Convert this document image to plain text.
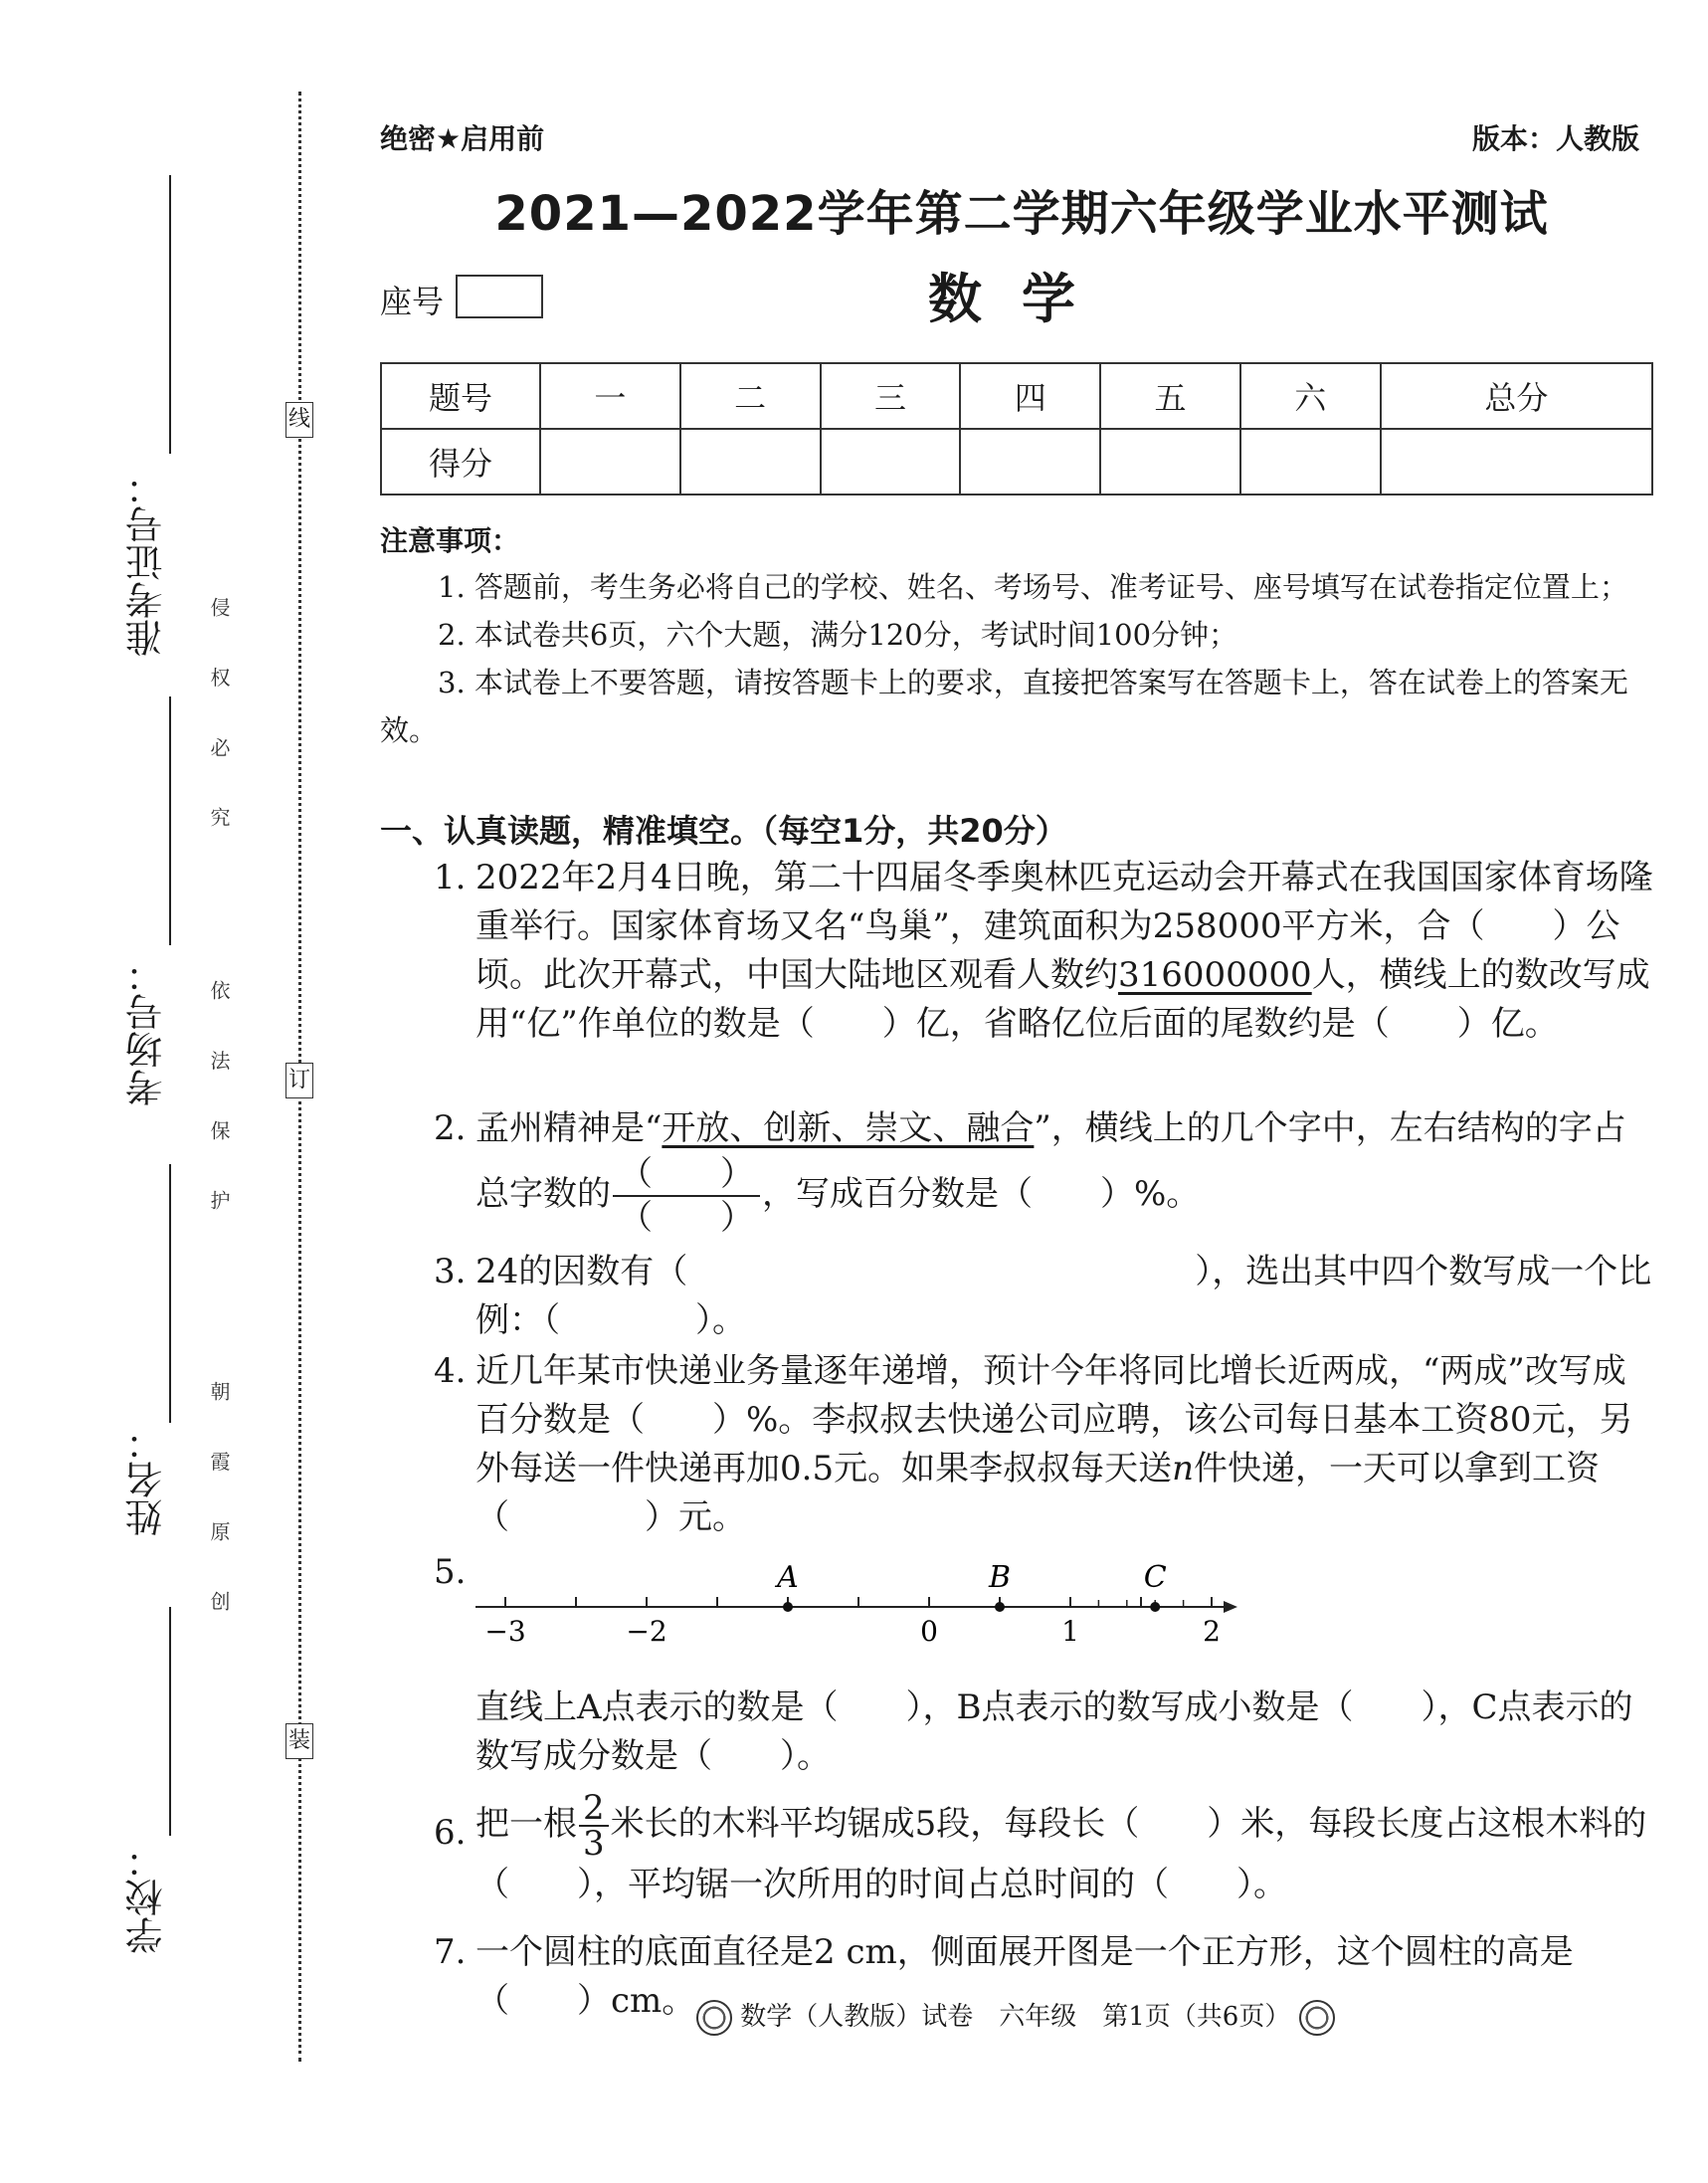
线
订
装
侵 权 必 究
依 法 保 护
朝 霞 原 创
准考证号：
考场号：
姓名：
学校：
绝密★启用前	版本：人教版
2021—2022学年第二学期六年级学业水平测试
座号	数学
题号	一	二	三	四	五	六	总分
得分							
注意事项：
1. 答题前，考生务必将自己的学校、姓名、考场号、准考证号、座号填写在试卷指定位置上；
2. 本试卷共6页，六个大题，满分120分，考试时间100分钟；
3. 本试卷上不要答题，请按答题卡上的要求，直接把答案写在答题卡上，答在试卷上的答案无效。
一、认真读题，精准填空。（每空1分，共20分）
1. 2022年2月4日晚，第二十四届冬季奥林匹克运动会开幕式在我国国家体育场隆重举行。国家体育场又名“鸟巢”，建筑面积为258000平方米，合（　　）公顷。此次开幕式，中国大陆地区观看人数约316000000人，横线上的数改写成用“亿”作单位的数是（　　）亿，省略亿位后面的尾数约是（　　）亿。
2. 孟州精神是“开放、创新、崇文、融合”，横线上的几个字中，左右结构的字占
总字数的 $\frac{( )}{( )}$ ，写成百分数是（　　）%。
3. 24的因数有（　　　　　　　　　　　　　　　），选出其中四个数写成一个比例：（　　　　）。
4. 近几年某市快递业务量逐年递增，预计今年将同比增长近两成，“两成”改写成百分数是（　　）%。李叔叔去快递公司应聘，该公司每日基本工资80元，另外每送一件快递再加0.5元。如果李叔叔每天送n件快递，一天可以拿到工资（　　　　）元。
5.
−3	−2	0	1	2
A	B	C
直线上A点表示的数是（　　），B点表示的数写成小数是（　　），C点表示的数写成分数是（　　）。
6. 把一根 $\frac{2}{3}$ 米长的木料平均锯成5段，每段长（　　）米，每段长度占这根木料的（　　），平均锯一次所用的时间占总时间的（　　）。
7. 一个圆柱的底面直径是2 cm，侧面展开图是一个正方形，这个圆柱的高是（　　）cm。	数学（人教版）试卷　六年级　第1页（共6页）
